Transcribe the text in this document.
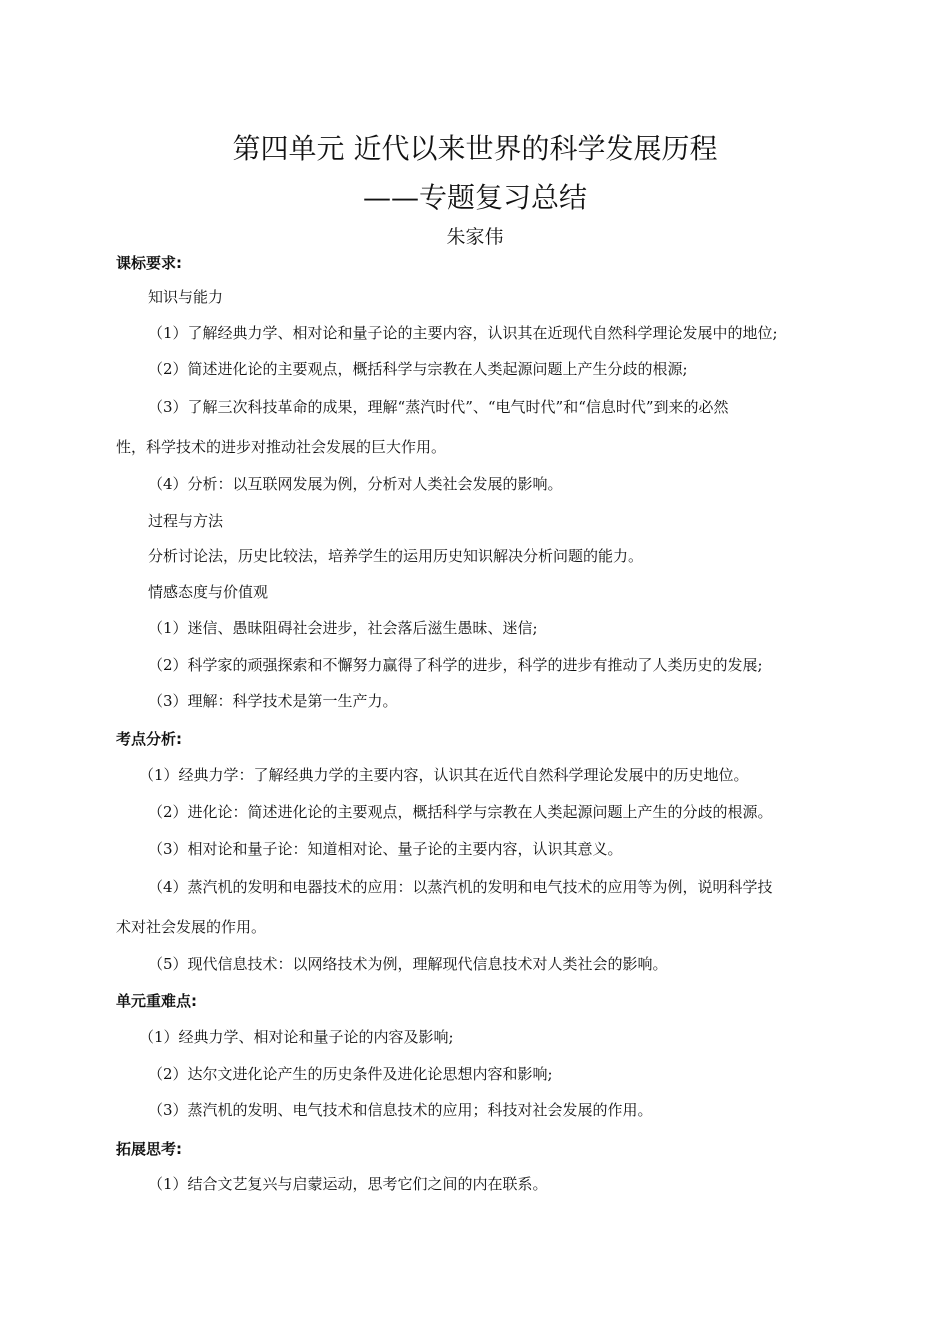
第四单元 近代以来世界的科学发展历程
——专题复习总结
朱家伟
课标要求:
知识与能力
（1）了解经典力学、相对论和量子论的主要内容，认识其在近现代自然科学理论发展中的地位;
（2）简述进化论的主要观点，概括科学与宗教在人类起源问题上产生分歧的根源;
（3）了解三次科技革命的成果，理解“蒸汽时代”、“电气时代”和“信息时代”到来的必然
性，科学技术的进步对推动社会发展的巨大作用。
（4）分析：以互联网发展为例，分析对人类社会发展的影响。
过程与方法
分析讨论法，历史比较法，培养学生的运用历史知识解决分析问题的能力。
情感态度与价值观
（1）迷信、愚昧阻碍社会进步，社会落后滋生愚昧、迷信;
（2）科学家的顽强探索和不懈努力赢得了科学的进步，科学的进步有推动了人类历史的发展;
（3）理解：科学技术是第一生产力。
考点分析:
（1）经典力学：了解经典力学的主要内容，认识其在近代自然科学理论发展中的历史地位。
（2）进化论：简述进化论的主要观点，概括科学与宗教在人类起源问题上产生的分歧的根源。
（3）相对论和量子论：知道相对论、量子论的主要内容，认识其意义。
（4）蒸汽机的发明和电器技术的应用：以蒸汽机的发明和电气技术的应用等为例，说明科学技
术对社会发展的作用。
（5）现代信息技术：以网络技术为例，理解现代信息技术对人类社会的影响。
单元重难点:
（1）经典力学、相对论和量子论的内容及影响;
（2）达尔文进化论产生的历史条件及进化论思想内容和影响;
（3）蒸汽机的发明、电气技术和信息技术的应用；科技对社会发展的作用。
拓展思考:
（1）结合文艺复兴与启蒙运动，思考它们之间的内在联系。
